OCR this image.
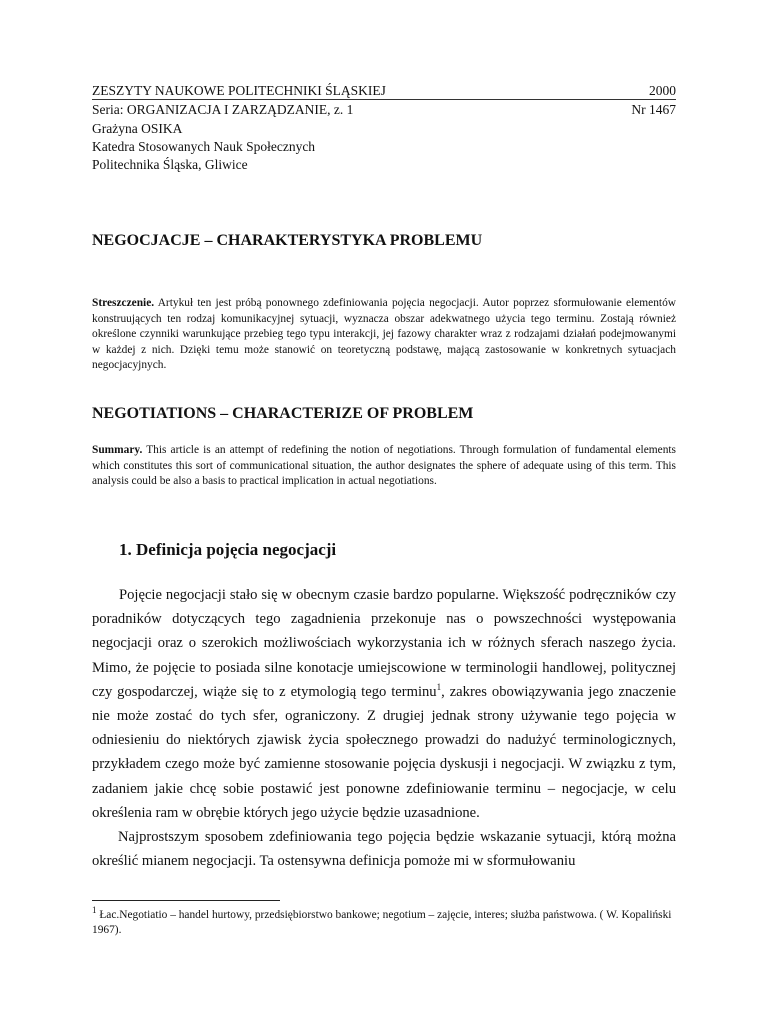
ZESZYTY NAUKOWE POLITECHNIKI ŚLĄSKIEJ	2000
Seria: ORGANIZACJA I ZARZĄDZANIE, z. 1	Nr 1467
Grażyna OSIKA
Katedra Stosowanych Nauk Społecznych
Politechnika Śląska, Gliwice
NEGOCJACJE – CHARAKTERYSTYKA PROBLEMU
Streszczenie. Artykuł ten jest próbą ponownego zdefiniowania pojęcia negocjacji. Autor poprzez sformułowanie elementów konstruujących ten rodzaj komunikacyjnej sytuacji, wyznacza obszar adekwatnego użycia tego terminu. Zostają również określone czynniki warunkujące przebieg tego typu interakcji, jej fazowy charakter wraz z rodzajami działań podejmowanymi w każdej z nich. Dzięki temu może stanowić on teoretyczną podstawę, mającą zastosowanie w konkretnych sytuacjach negocjacyjnych.
NEGOTIATIONS – CHARACTERIZE OF PROBLEM
Summary. This article is an attempt of redefining the notion of negotiations. Through formulation of fundamental elements which constitutes this sort of communicational situation, the author designates the sphere of adequate using of this term. This analysis could be also a basis to practical implication in actual negotiations.
1. Definicja pojęcia negocjacji

Pojęcie negocjacji stało się w obecnym czasie bardzo popularne. Większość podręczników czy poradników dotyczących tego zagadnienia przekonuje nas o powszechności występowania negocjacji oraz o szerokich możliwościach wykorzystania ich w różnych sferach naszego życia. Mimo, że pojęcie to posiada silne konotacje umiejscowione w terminologii handlowej, politycznej czy gospodarczej, wiąże się to z etymologią tego terminu$^1$, zakres obowiązywania jego znaczenie nie może zostać do tych sfer, ograniczony. Z drugiej jednak strony używanie tego pojęcia w odniesieniu do niektórych zjawisk życia społecznego prowadzi do nadużyć terminologicznych, przykładem czego może być zamienne stosowanie pojęcia dyskusji i negocjacji. W związku z tym, zadaniem jakie chcę sobie postawić jest ponowne zdefiniowanie terminu – negocjacje, w celu określenia ram w obrębie których jego użycie będzie uzasadnione.

Najprostszym sposobem zdefiniowania tego pojęcia będzie wskazanie sytuacji, którą można określić mianem negocjacji. Ta ostensywna definicja pomoże mi w sformułowaniu

$^1$ Łac.Negotiatio – handel hurtowy, przedsiębiorstwo bankowe; negotium – zajęcie, interes; służba państwowa. ( W. Kopaliński 1967).
